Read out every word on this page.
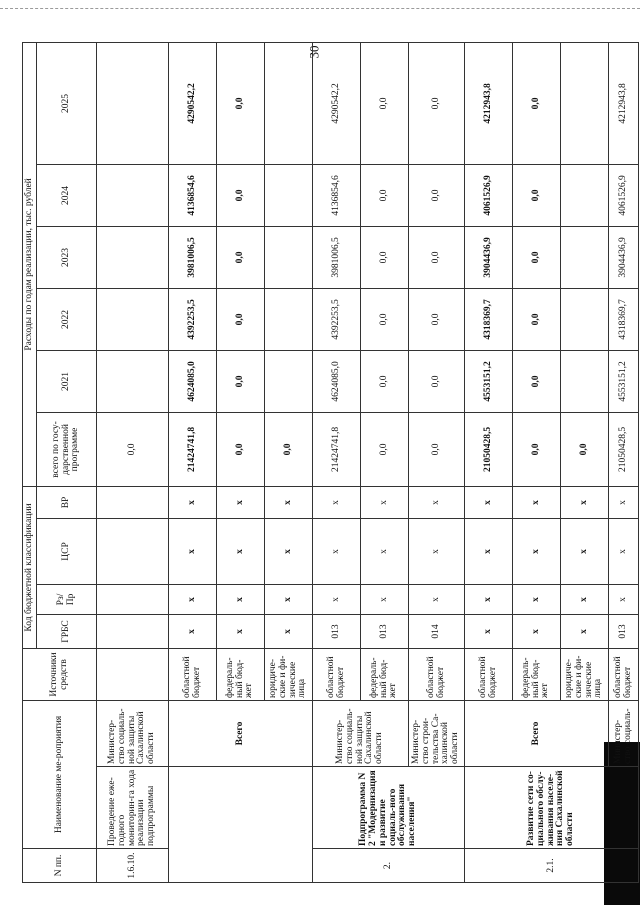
30
N пп.	Наименование ме-роприятия		Источники средств	Код бюджетной классификации				Расходы по годам реализации, тыс. рублей					
				ГРБС	Рз/ Пр	ЦСР	ВР	всего по госу-дарственной программе	2021	2022	2023	2024	2025
1.6.10.	Проведение еже-годного мониторин-га хода реализации подпрограммы	Министер-ство социаль-ной защиты Сахалинской области						0,0					
		Всего	областной бюджет	х	х	х	х	21424741,8	4624085,0	4392253,5	3981006,5	4136854,6	4290542,2
			федераль-ный бюд-жет	х	х	х	х	0,0	0,0	0,0	0,0	0,0	0,0
			юридиче-ские и фи-зические лица	х	х	х	х	0,0					
2.	Подпрограмма N 2 "Модернизация и развитие социаль-ного обслуживания населения"	Министер-ство социаль-ной защиты Сахалинской области	областной бюджет	013	х	х	х	21424741,8	4624085,0	4392253,5	3981006,5	4136854,6	4290542,2
			федераль-ный бюд-жет	013	х	х	х	0,0	0,0	0,0	0,0	0,0	0,0
		Министер-ство строи-тельства Са-халинской области	областной бюджет	014	х	х	х	0,0	0,0	0,0	0,0	0,0	0,0
2.1.	Развитие сети со-циального обслу-живания населе-ния Сахалинской области	Всего	областной бюджет	х	х	х	х	21050428,5	4553151,2	4318369,7	3904436,9	4061526,9	4212943,8
			федераль-ный бюд-жет	х	х	х	х	0,0	0,0	0,0	0,0	0,0	0,0
			юридиче-ские и фи-зические лица	х	х	х	х	0,0					
		Министер-ство социаль-	областной бюджет	013	х	х	х	21050428,5	4553151,2	4318369,7	3904436,9	4061526,9	4212943,8
